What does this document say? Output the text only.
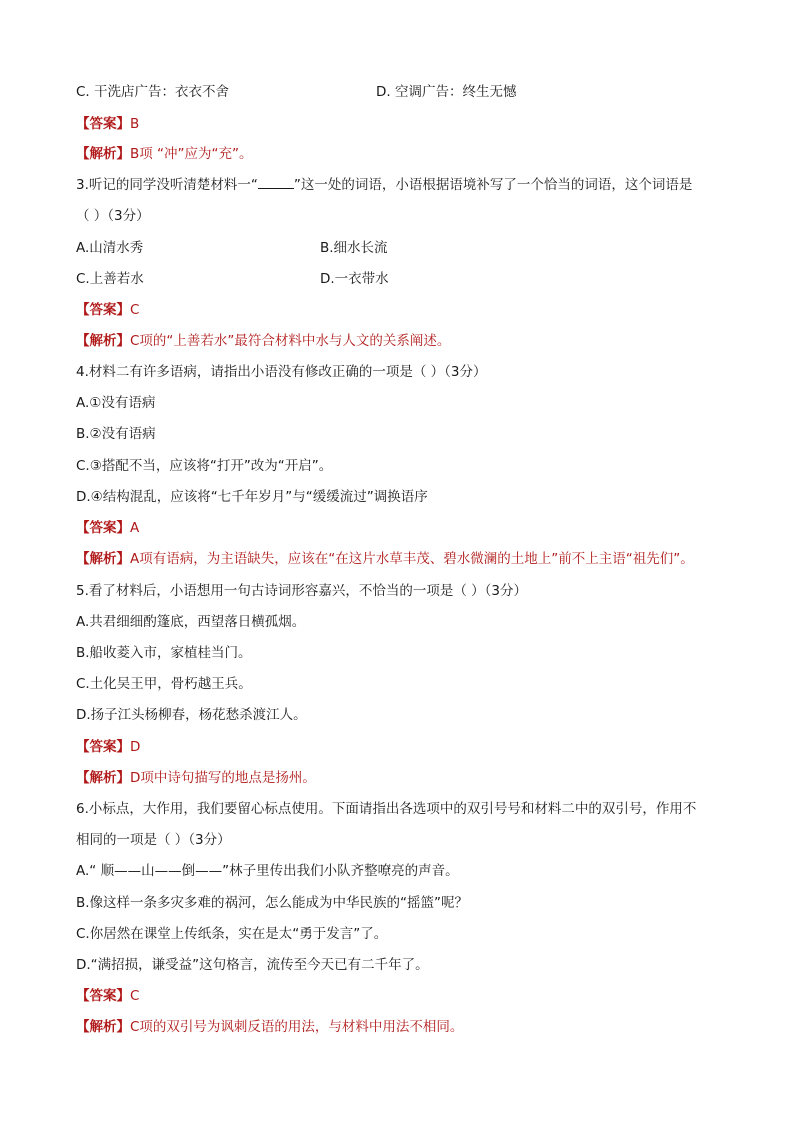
C. 干洗店广告：衣衣不舍	D. 空调广告：终生无憾
【答案】B
【解析】B项 “冲”应为“充”。
3.听记的同学没听清楚材料一“	”这一处的词语，小语根据语境补写了一个恰当的词语，这个词语是
（ ）（3分）
A.山清水秀	B.细水长流
C.上善若水	D.一衣带水
【答案】C
【解析】C项的“上善若水”最符合材料中水与人文的关系阐述。
4.材料二有许多语病，请指出小语没有修改正确的一项是（ ）（3分）
A.①没有语病
B.②没有语病
C.③搭配不当，应该将“打开”改为“开启”。
D.④结构混乱，应该将“七千年岁月”与“缓缓流过”调换语序
【答案】A
【解析】A项有语病，为主语缺失，应该在“在这片水草丰茂、碧水微澜的土地上”前不上主语“祖先们”。
5.看了材料后，小语想用一句古诗词形容嘉兴，不恰当的一项是（ ）（3分）
A.共君细细酌篷底，西望落日横孤烟。
B.船收菱入市，家植桂当门。
C.土化吴王甲，骨朽越王兵。
D.扬子江头杨柳春，杨花愁杀渡江人。
【答案】D
【解析】D项中诗句描写的地点是扬州。
6.小标点，大作用，我们要留心标点使用。下面请指出各选项中的双引号号和材料二中的双引号，作用不
相同的一项是（ ）（3分）
A.“ 顺——山——倒——”林子里传出我们小队齐整嘹亮的声音。
B.像这样一条多灾多难的祸河，怎么能成为中华民族的“摇篮”呢？
C.你居然在课堂上传纸条，实在是太“勇于发言”了。
D.“满招损，谦受益”这句格言，流传至今天已有二千年了。
【答案】C
【解析】C项的双引号为讽刺反语的用法，与材料中用法不相同。
